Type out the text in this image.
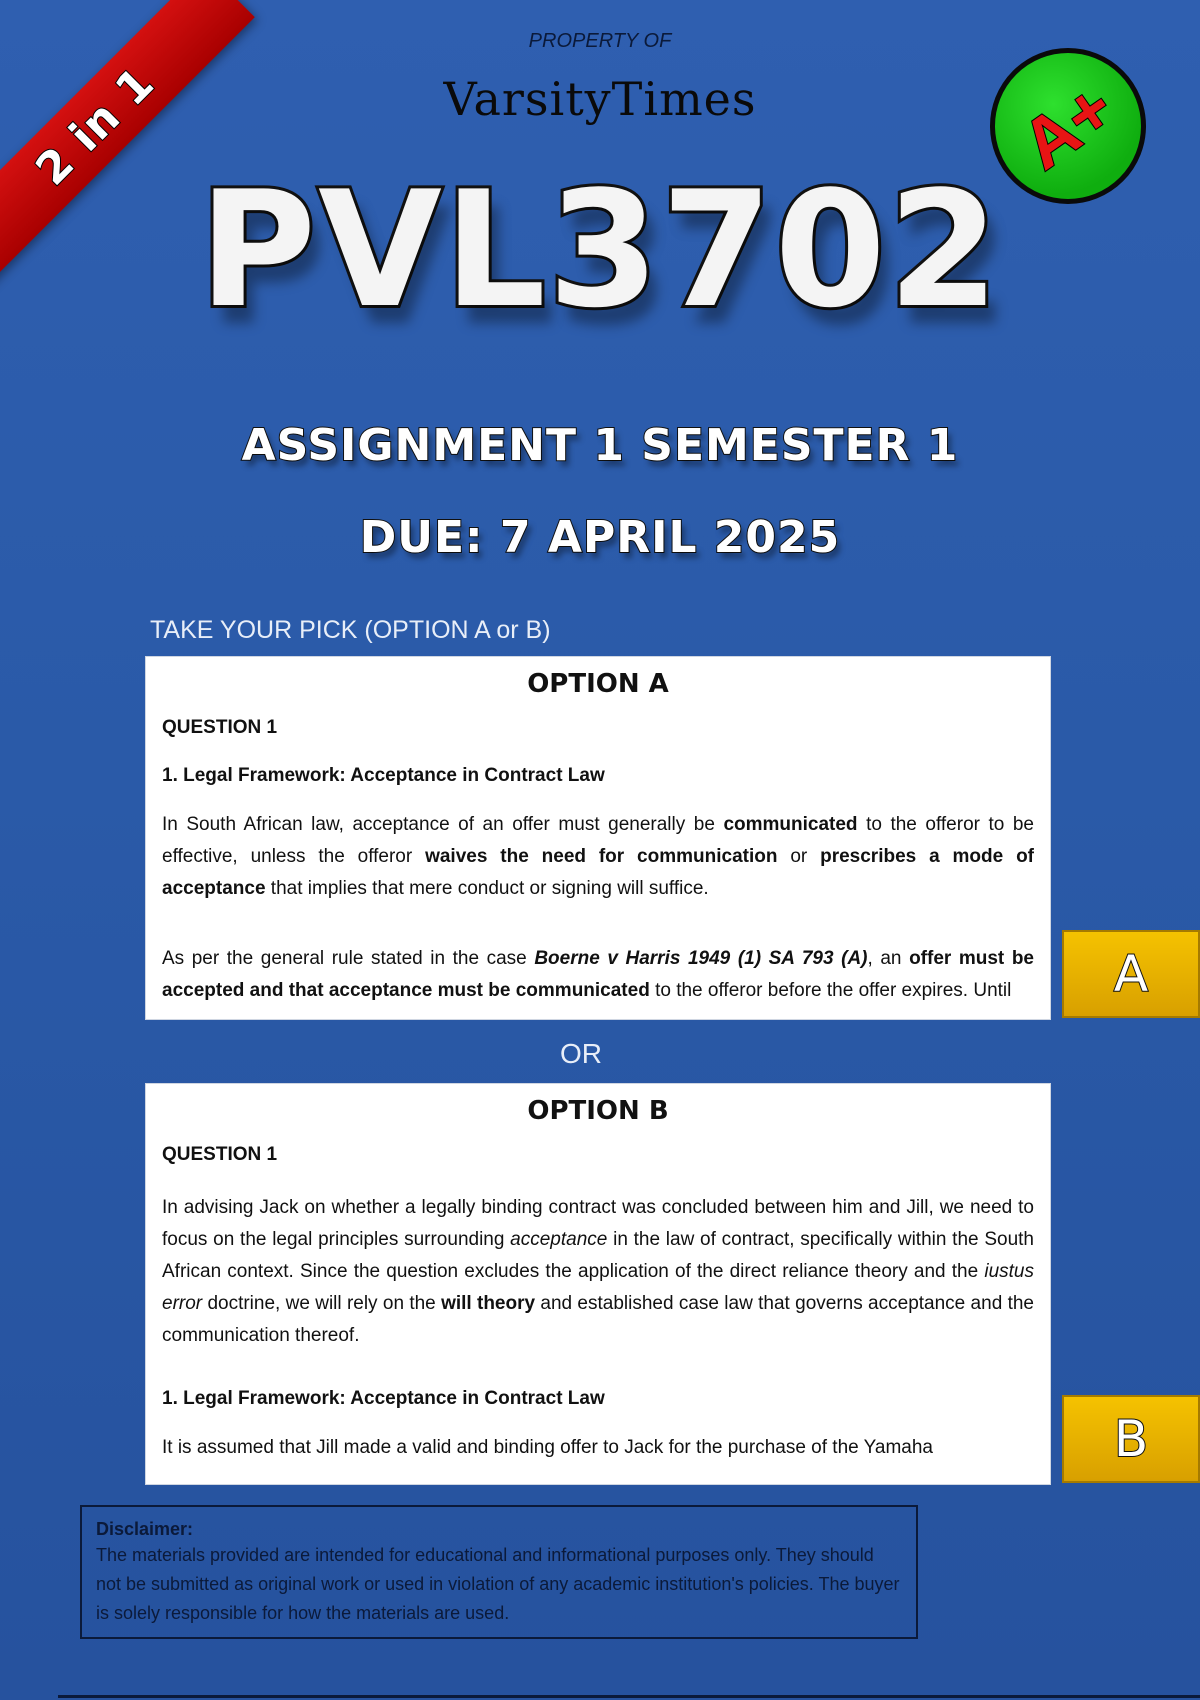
2 in 1
PROPERTY OF
VarsityTimes	A+
PVL3702
ASSIGNMENT 1 SEMESTER 1
DUE: 7 APRIL 2025
TAKE YOUR PICK (OPTION A or B)
OPTION A
QUESTION 1
1. Legal Framework: Acceptance in Contract Law

In South African law, acceptance of an offer must generally be communicated to the offeror to be effective, unless the offeror waives the need for communication or prescribes a mode of acceptance that implies that mere conduct or signing will suffice.

As per the general rule stated in the case Boerne v Harris 1949 (1) SA 793 (A), an offer must be accepted and that acceptance must be communicated to the offeror before the offer expires. Until	A
OR
OPTION B
QUESTION 1

In advising Jack on whether a legally binding contract was concluded between him and Jill, we need to focus on the legal principles surrounding acceptance in the law of contract, specifically within the South African context. Since the question excludes the application of the direct reliance theory and the iustus error doctrine, we will rely on the will theory and established case law that governs acceptance and the communication thereof.

1. Legal Framework: Acceptance in Contract Law

It is assumed that Jill made a valid and binding offer to Jack for the purchase of the Yamaha	B
Disclaimer:
The materials provided are intended for educational and informational purposes only. They should not be submitted as original work or used in violation of any academic institution's policies. The buyer is solely responsible for how the materials are used.
